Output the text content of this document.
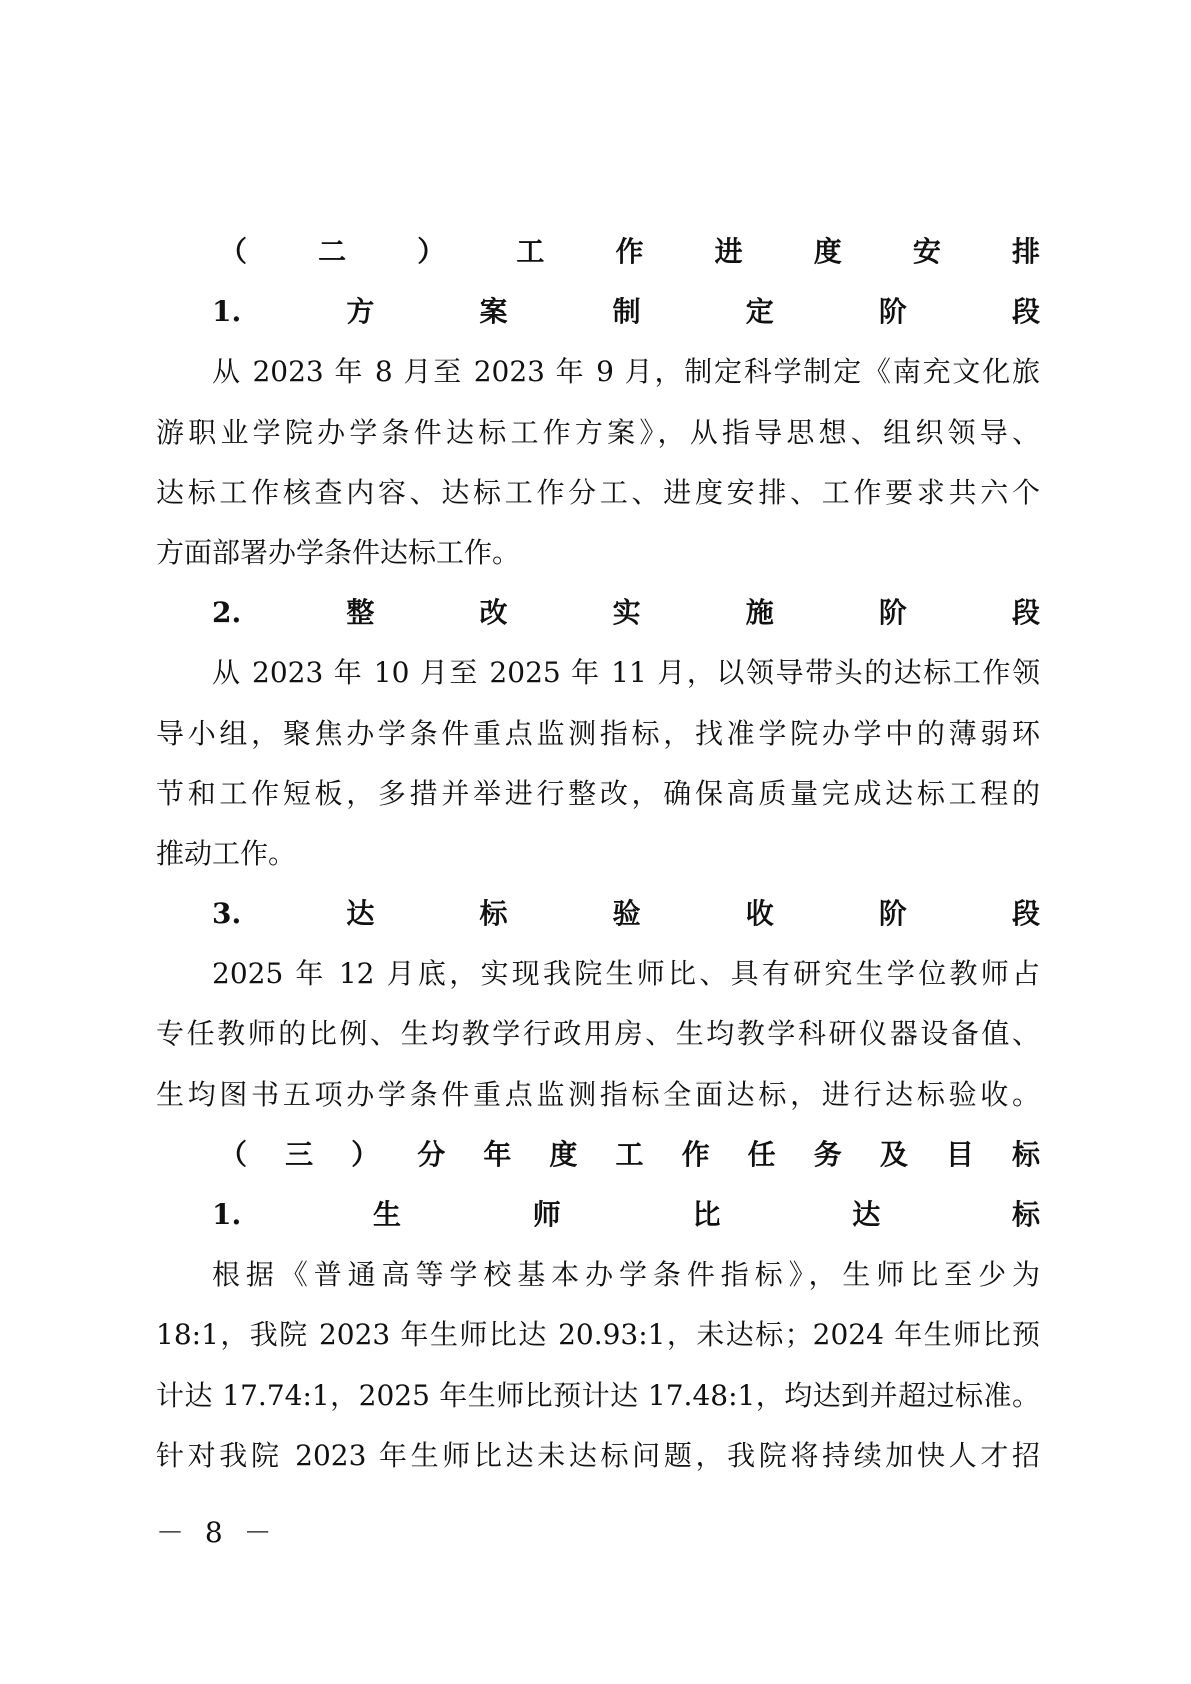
（二）工作进度安排
1.方案制定阶段
从 2023 年 8 月至 2023 年 9 月，制定科学制定《南充文化旅
游职业学院办学条件达标工作方案》，从指导思想、组织领导、
达标工作核查内容、达标工作分工、进度安排、工作要求共六个
方面部署办学条件达标工作。
2.整改实施阶段
从 2023 年 10 月至 2025 年 11 月，以领导带头的达标工作领
导小组，聚焦办学条件重点监测指标，找准学院办学中的薄弱环
节和工作短板，多措并举进行整改，确保高质量完成达标工程的
推动工作。
3.达标验收阶段
2025 年 12 月底，实现我院生师比、具有研究生学位教师占
专任教师的比例、生均教学行政用房、生均教学科研仪器设备值、
生均图书五项办学条件重点监测指标全面达标，进行达标验收。
（三）分年度工作任务及目标
1.生师比达标
根据《普通高等学校基本办学条件指标》，生师比至少为
18:1，我院 2023 年生师比达 20.93:1，未达标；2024 年生师比预
计达 17.74:1，2025 年生师比预计达 17.48:1，均达到并超过标准。
针对我院 2023 年生师比达未达标问题，我院将持续加快人才招
－ 8 －
